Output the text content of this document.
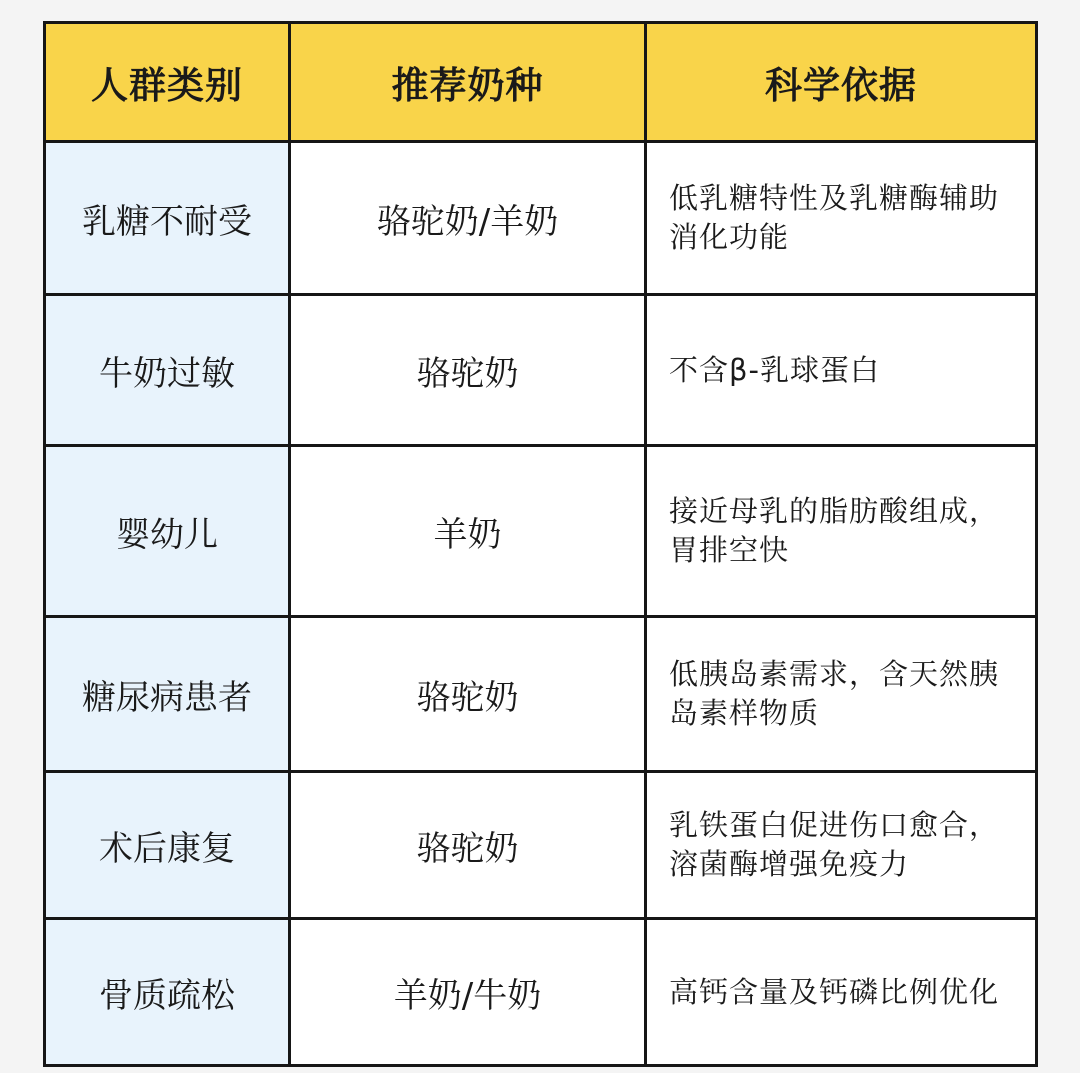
人群类别	推荐奶种	科学依据
乳糖不耐受	骆驼奶/羊奶	低乳糖特性及乳糖酶辅助消化功能
牛奶过敏	骆驼奶	不含β-乳球蛋白
婴幼儿	羊奶	接近母乳的脂肪酸组成，胃排空快
糖尿病患者	骆驼奶	低胰岛素需求，含天然胰岛素样物质
术后康复	骆驼奶	乳铁蛋白促进伤口愈合，溶菌酶增强免疫力
骨质疏松	羊奶/牛奶	高钙含量及钙磷比例优化
